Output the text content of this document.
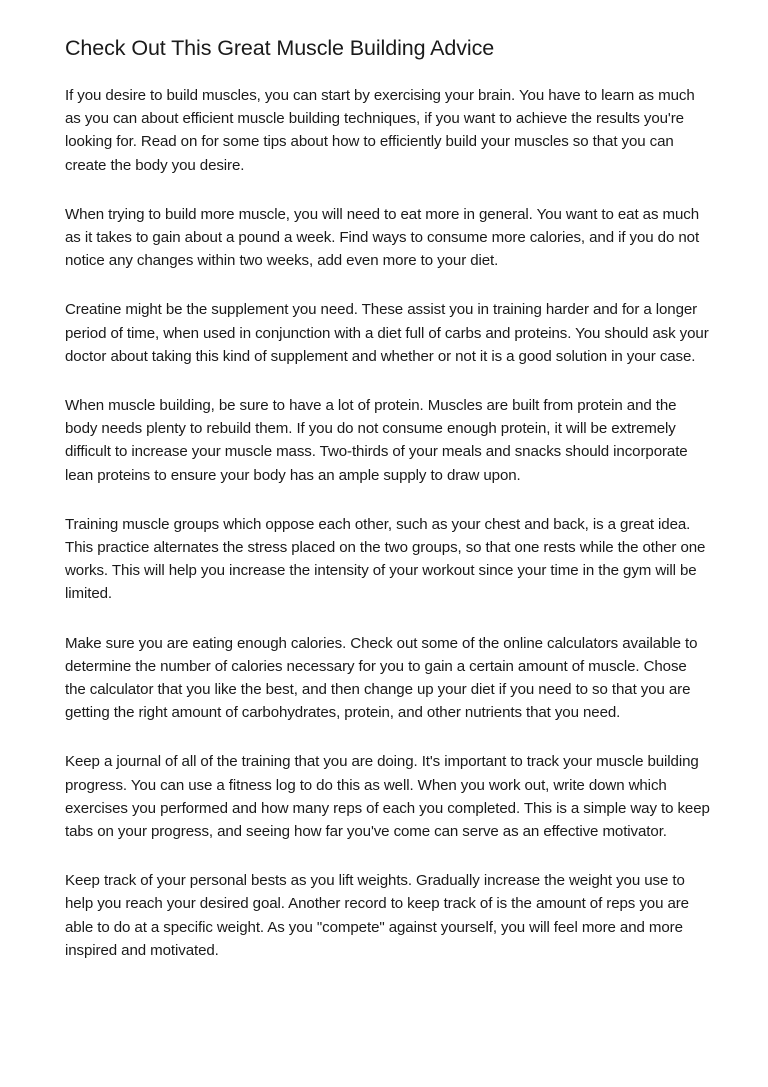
Check Out This Great Muscle Building Advice

If you desire to build muscles, you can start by exercising your brain. You have to learn as much as you can about efficient muscle building techniques, if you want to achieve the results you're looking for. Read on for some tips about how to efficiently build your muscles so that you can create the body you desire.

When trying to build more muscle, you will need to eat more in general. You want to eat as much as it takes to gain about a pound a week. Find ways to consume more calories, and if you do not notice any changes within two weeks, add even more to your diet.

Creatine might be the supplement you need. These assist you in training harder and for a longer period of time, when used in conjunction with a diet full of carbs and proteins. You should ask your doctor about taking this kind of supplement and whether or not it is a good solution in your case.

When muscle building, be sure to have a lot of protein. Muscles are built from protein and the body needs plenty to rebuild them. If you do not consume enough protein, it will be extremely difficult to increase your muscle mass. Two-thirds of your meals and snacks should incorporate lean proteins to ensure your body has an ample supply to draw upon.

Training muscle groups which oppose each other, such as your chest and back, is a great idea. This practice alternates the stress placed on the two groups, so that one rests while the other one works. This will help you increase the intensity of your workout since your time in the gym will be limited.

Make sure you are eating enough calories. Check out some of the online calculators available to determine the number of calories necessary for you to gain a certain amount of muscle. Chose the calculator that you like the best, and then change up your diet if you need to so that you are getting the right amount of carbohydrates, protein, and other nutrients that you need.

Keep a journal of all of the training that you are doing. It's important to track your muscle building progress. You can use a fitness log to do this as well. When you work out, write down which exercises you performed and how many reps of each you completed. This is a simple way to keep tabs on your progress, and seeing how far you've come can serve as an effective motivator.

Keep track of your personal bests as you lift weights. Gradually increase the weight you use to help you reach your desired goal. Another record to keep track of is the amount of reps you are able to do at a specific weight. As you "compete" against yourself, you will feel more and more inspired and motivated.
